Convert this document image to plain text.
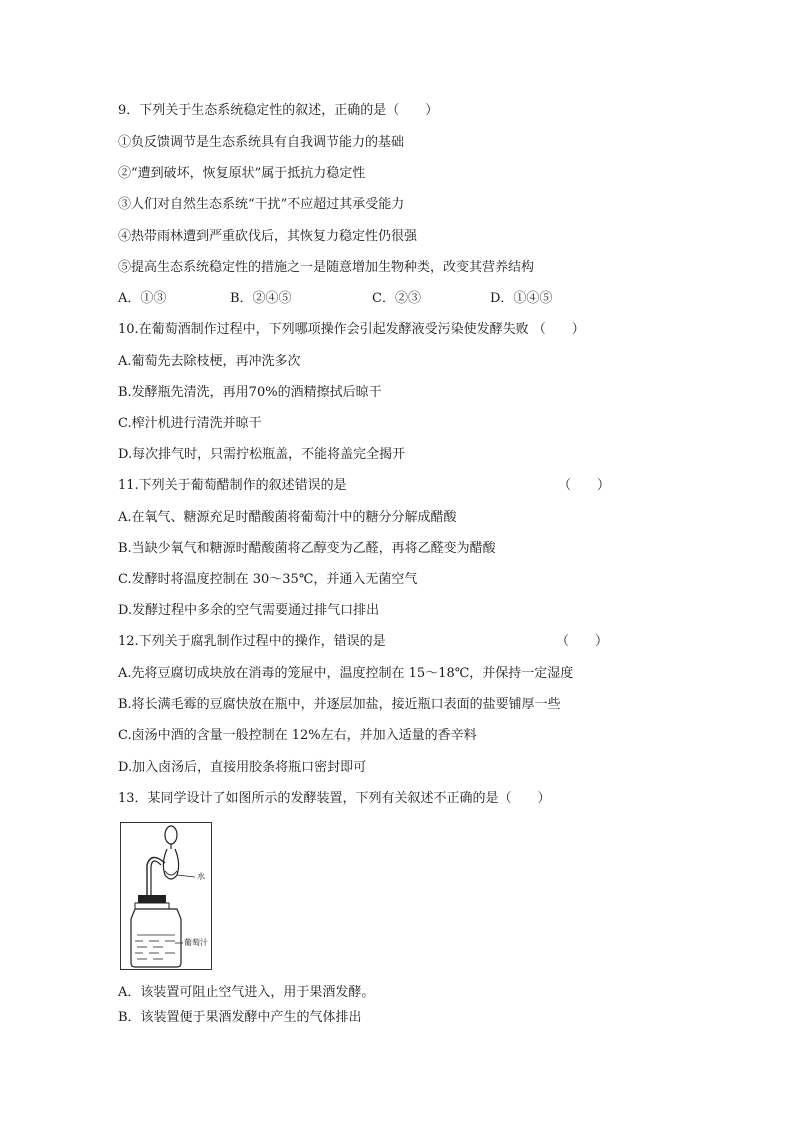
9．下列关于生态系统稳定性的叙述，正确的是（　　）
①负反馈调节是生态系统具有自我调节能力的基础
②“遭到破坏，恢复原状”属于抵抗力稳定性
③人们对自然生态系统“干扰”不应超过其承受能力
④热带雨林遭到严重砍伐后，其恢复力稳定性仍很强
⑤提高生态系统稳定性的措施之一是随意增加生物种类，改变其营养结构
A．①③	B．②④⑤	C．②③	D．①④⑤
10.在葡萄酒制作过程中，下列哪项操作会引起发酵液受污染使发酵失败 （　　）
A.葡萄先去除枝梗，再冲洗多次
B.发酵瓶先清洗，再用70%的酒精擦拭后晾干
C.榨汁机进行清洗并晾干
D.每次排气时，只需拧松瓶盖，不能将盖完全揭开
11.下列关于葡萄醋制作的叙述错误的是	（　　）
A.在氧气、糖源充足时醋酸菌将葡萄汁中的糖分分解成醋酸
B.当缺少氧气和糖源时醋酸菌将乙醇变为乙醛，再将乙醛变为醋酸
C.发酵时将温度控制在 30～35℃，并通入无菌空气
D.发酵过程中多余的空气需要通过排气口排出
12.下列关于腐乳制作过程中的操作，错误的是	（　　）
A.先将豆腐切成块放在消毒的笼屉中，温度控制在 15～18℃，并保持一定湿度
B.将长满毛霉的豆腐快放在瓶中，并逐层加盐，接近瓶口表面的盐要铺厚一些
C.卤汤中酒的含量一般控制在 12%左右，并加入适量的香辛料
D.加入卤汤后，直接用胶条将瓶口密封即可
13．某同学设计了如图所示的发酵装置，下列有关叙述不正确的是（　　）
水
葡萄汁
A．该装置可阻止空气进入，用于果酒发酵。
B．该装置便于果酒发酵中产生的气体排出
